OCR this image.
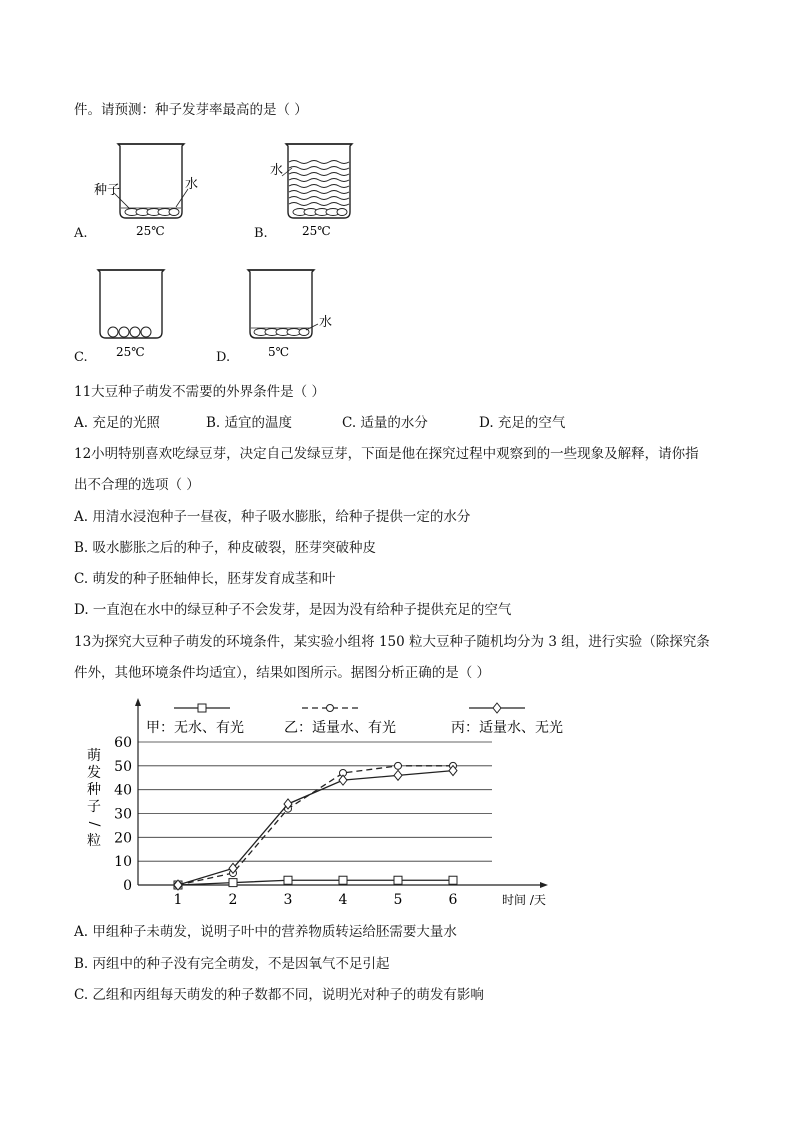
件。请预测：种子发芽率最高的是（ ）
种子	水
25℃
A.
水
25℃
B.
25℃
C.
水
5℃
D.
11大豆种子萌发不需要的外界条件是（ ）
A. 充足的光照	B. 适宜的温度	C. 适量的水分	D. 充足的空气
12小明特别喜欢吃绿豆芽，决定自己发绿豆芽，下面是他在探究过程中观察到的一些现象及解释，请你指
出不合理的选项（ ）
A. 用清水浸泡种子一昼夜，种子吸水膨胀，给种子提供一定的水分
B. 吸水膨胀之后的种子，种皮破裂，胚芽突破种皮
C. 萌发的种子胚轴伸长，胚芽发育成茎和叶
D. 一直泡在水中的绿豆种子不会发芽，是因为没有给种子提供充足的空气
13为探究大豆种子萌发的环境条件，某实验小组将 150 粒大豆种子随机均分为 3 组，进行实验（除探究条
件外，其他环境条件均适宜），结果如图所示。据图分析正确的是（ ）
甲：无水、有光	乙：适量水、有光	丙：适量水、无光
萌
发
种
子
/
粒
0
10
20
30
40
50
60
1	2	3	4	5	6	时间 /天
A. 甲组种子未萌发，说明子叶中的营养物质转运给胚需要大量水
B. 丙组中的种子没有完全萌发，不是因氧气不足引起
C. 乙组和丙组每天萌发的种子数都不同，说明光对种子的萌发有影响
